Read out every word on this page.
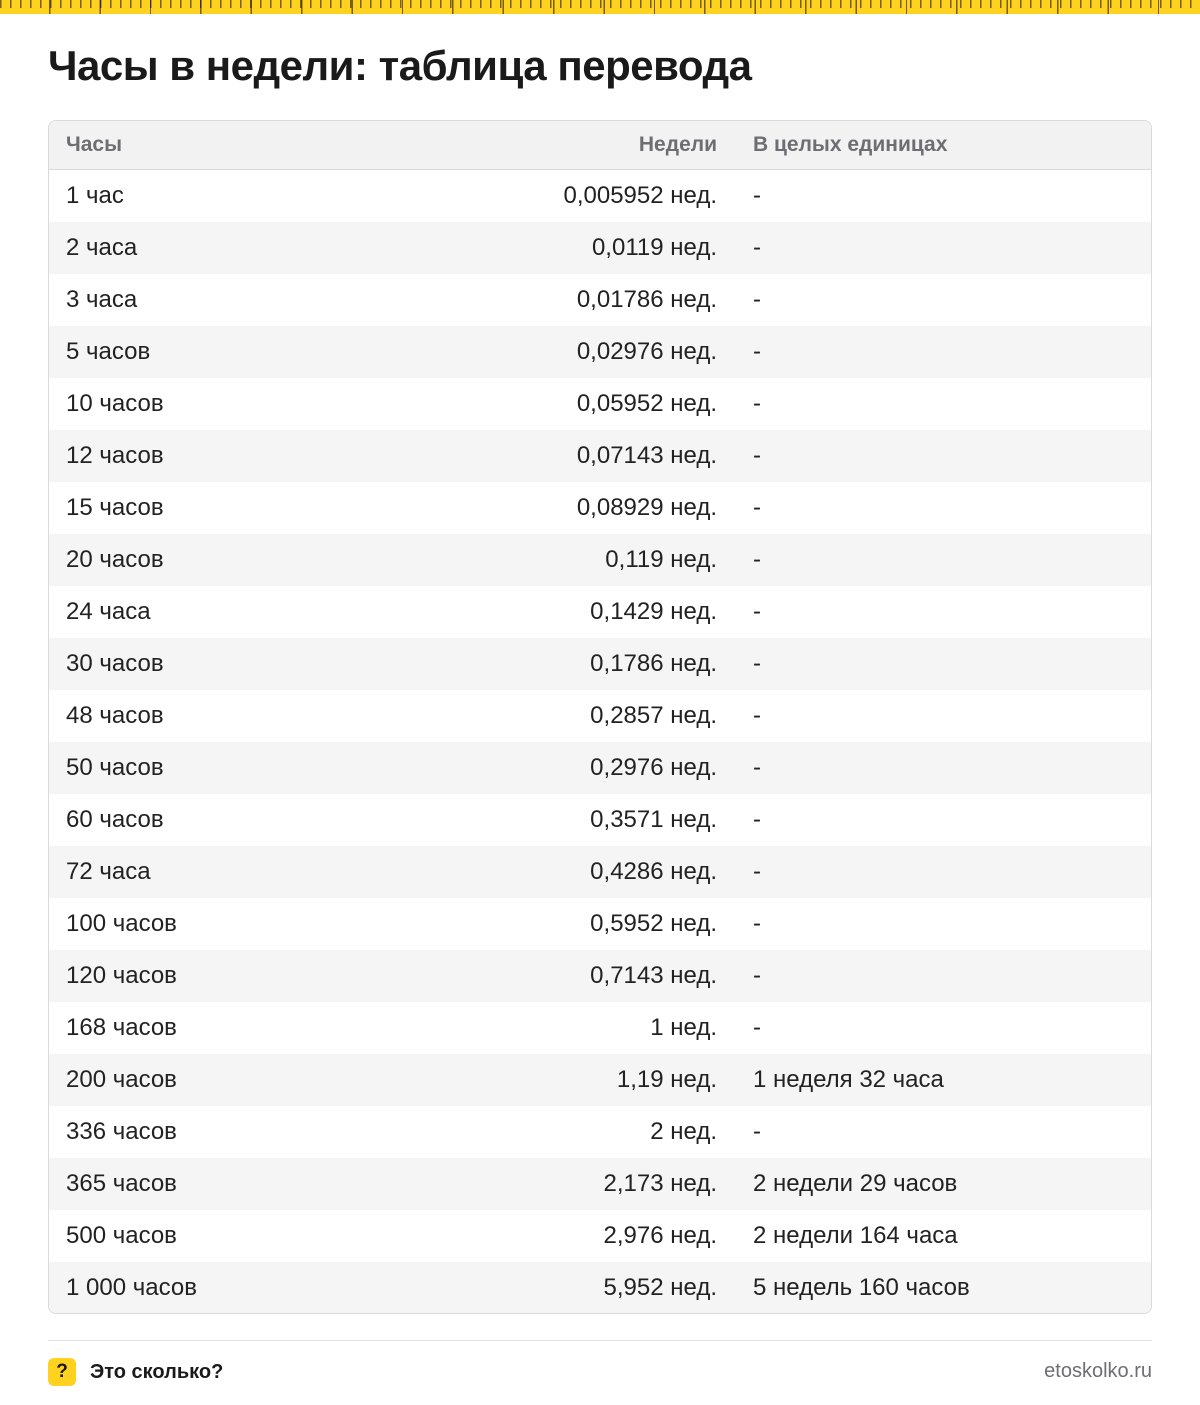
Часы в недели: таблица перевода
Часы	Недели	В целых единицах
1 час	0,005952 нед.	-
2 часа	0,0119 нед.	-
3 часа	0,01786 нед.	-
5 часов	0,02976 нед.	-
10 часов	0,05952 нед.	-
12 часов	0,07143 нед.	-
15 часов	0,08929 нед.	-
20 часов	0,119 нед.	-
24 часа	0,1429 нед.	-
30 часов	0,1786 нед.	-
48 часов	0,2857 нед.	-
50 часов	0,2976 нед.	-
60 часов	0,3571 нед.	-
72 часа	0,4286 нед.	-
100 часов	0,5952 нед.	-
120 часов	0,7143 нед.	-
168 часов	1 нед.	-
200 часов	1,19 нед.	1 неделя 32 часа
336 часов	2 нед.	-
365 часов	2,173 нед.	2 недели 29 часов
500 часов	2,976 нед.	2 недели 164 часа
1 000 часов	5,952 нед.	5 недель 160 часов
?	Это сколько?	etoskolko.ru
